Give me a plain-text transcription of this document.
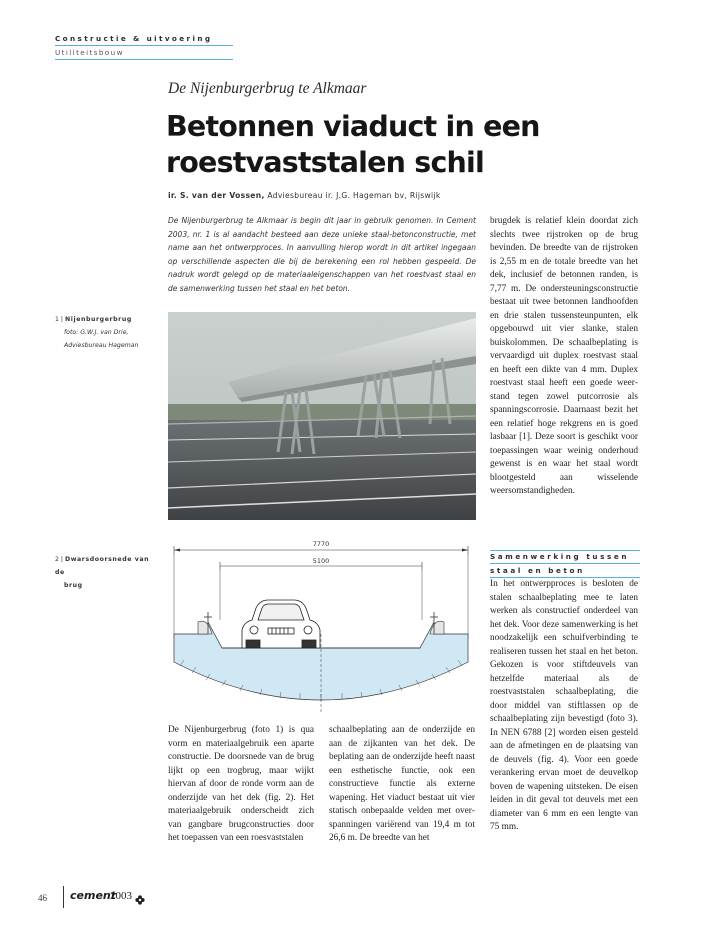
Constructie & uitvoering
Utiliteitsbouw
De Nijenburgerbrug te Alkmaar
Betonnen viaduct in een
roestvaststalen schil
ir. S. van der Vossen, Adviesbureau ir. J.G. Hageman bv, Rijswijk
De Nijenburgerbrug te Alkmaar is begin dit jaar in gebruik genomen. In Cement 2003, nr. 1 is al aandacht besteed aan deze unieke staal-betonconstructie, met name aan het ontwerpproces. In aanvulling hierop wordt in dit artikel ingegaan op verschillende aspecten die bij de berekening een rol hebben gespeeld. De nadruk wordt gelegd op de materiaaleigenschappen van het roestvast staal en de samenwerking tussen het staal en het beton.
1 | Nijenburgerbrug
foto: G.W.J. van Drie,
Adviesbureau Hageman
2 | Dwarsdoorsnede van de
brug
7770
5100
brugdek is relatief klein doordat zich slechts twee rijstroken op de brug bevinden. De breedte van de rijstroken is 2,55 m en de totale breedte van het dek, inclusief de betonnen randen, is 7,77 m. De ondersteuningsconstructie bestaat uit twee betonnen landhoofden en drie stalen tussensteunpunten, elk opgebouwd uit vier slanke, stalen buiskolommen. De schaalbeplating is vervaardigd uit duplex roestvast staal en heeft een dikte van 4 mm. Duplex roestvast staal heeft een goede weerstand tegen zowel putcorrosie als spanningscorrosie. Daarnaast bezit het een relatief hoge rekgrens en is goed lasbaar [1]. Deze soort is geschikt voor toepassingen waar weinig onderhoud gewenst is en waar het staal wordt blootgesteld aan wisselende weersomstandigheden.
Samenwerking tussen
staal en beton
In het ontwerpproces is besloten de stalen schaalbeplating mee te laten werken als constructief onderdeel van het dek. Voor deze samenwerking is het noodzakelijk een schuifverbinding te realiseren tussen het staal en het beton. Gekozen is voor stiftdeuvels van hetzelfde materiaal als de roestvaststalen schaalbeplating, die door middel van stiftlassen op de schaalbeplating zijn bevestigd (foto 3). In NEN 6788 [2] worden eisen gesteld aan de afmetingen en de plaatsing van de deuvels (fig. 4). Voor een goede verankering ervan moet de deuvelkop boven de wapening uitsteken. De eisen leiden in dit geval tot deuvels met een diameter van 6 mm en een lengte van 75 mm.
De Nijenburgerbrug (foto 1) is qua vorm en materiaalgebruik een aparte constructie. De doorsnede van de brug lijkt op een trogbrug, maar wijkt hiervan af door de ronde vorm aan de onderzijde van het dek (fig. 2). Het materiaalgebruik onderscheidt zich van gangbare brugconstructies door het toepassen van een roesvaststalen
schaalbeplating aan de onderzijde en aan de zijkanten van het dek. De beplating aan de onderzijde heeft naast een esthetische functie, ook een constructieve functie als externe wapening. Het viaduct bestaat uit vier statisch onbepaalde velden met overspanningen variërend van 19,4 m tot 26,6 m. De breedte van het
46 cement
2003
